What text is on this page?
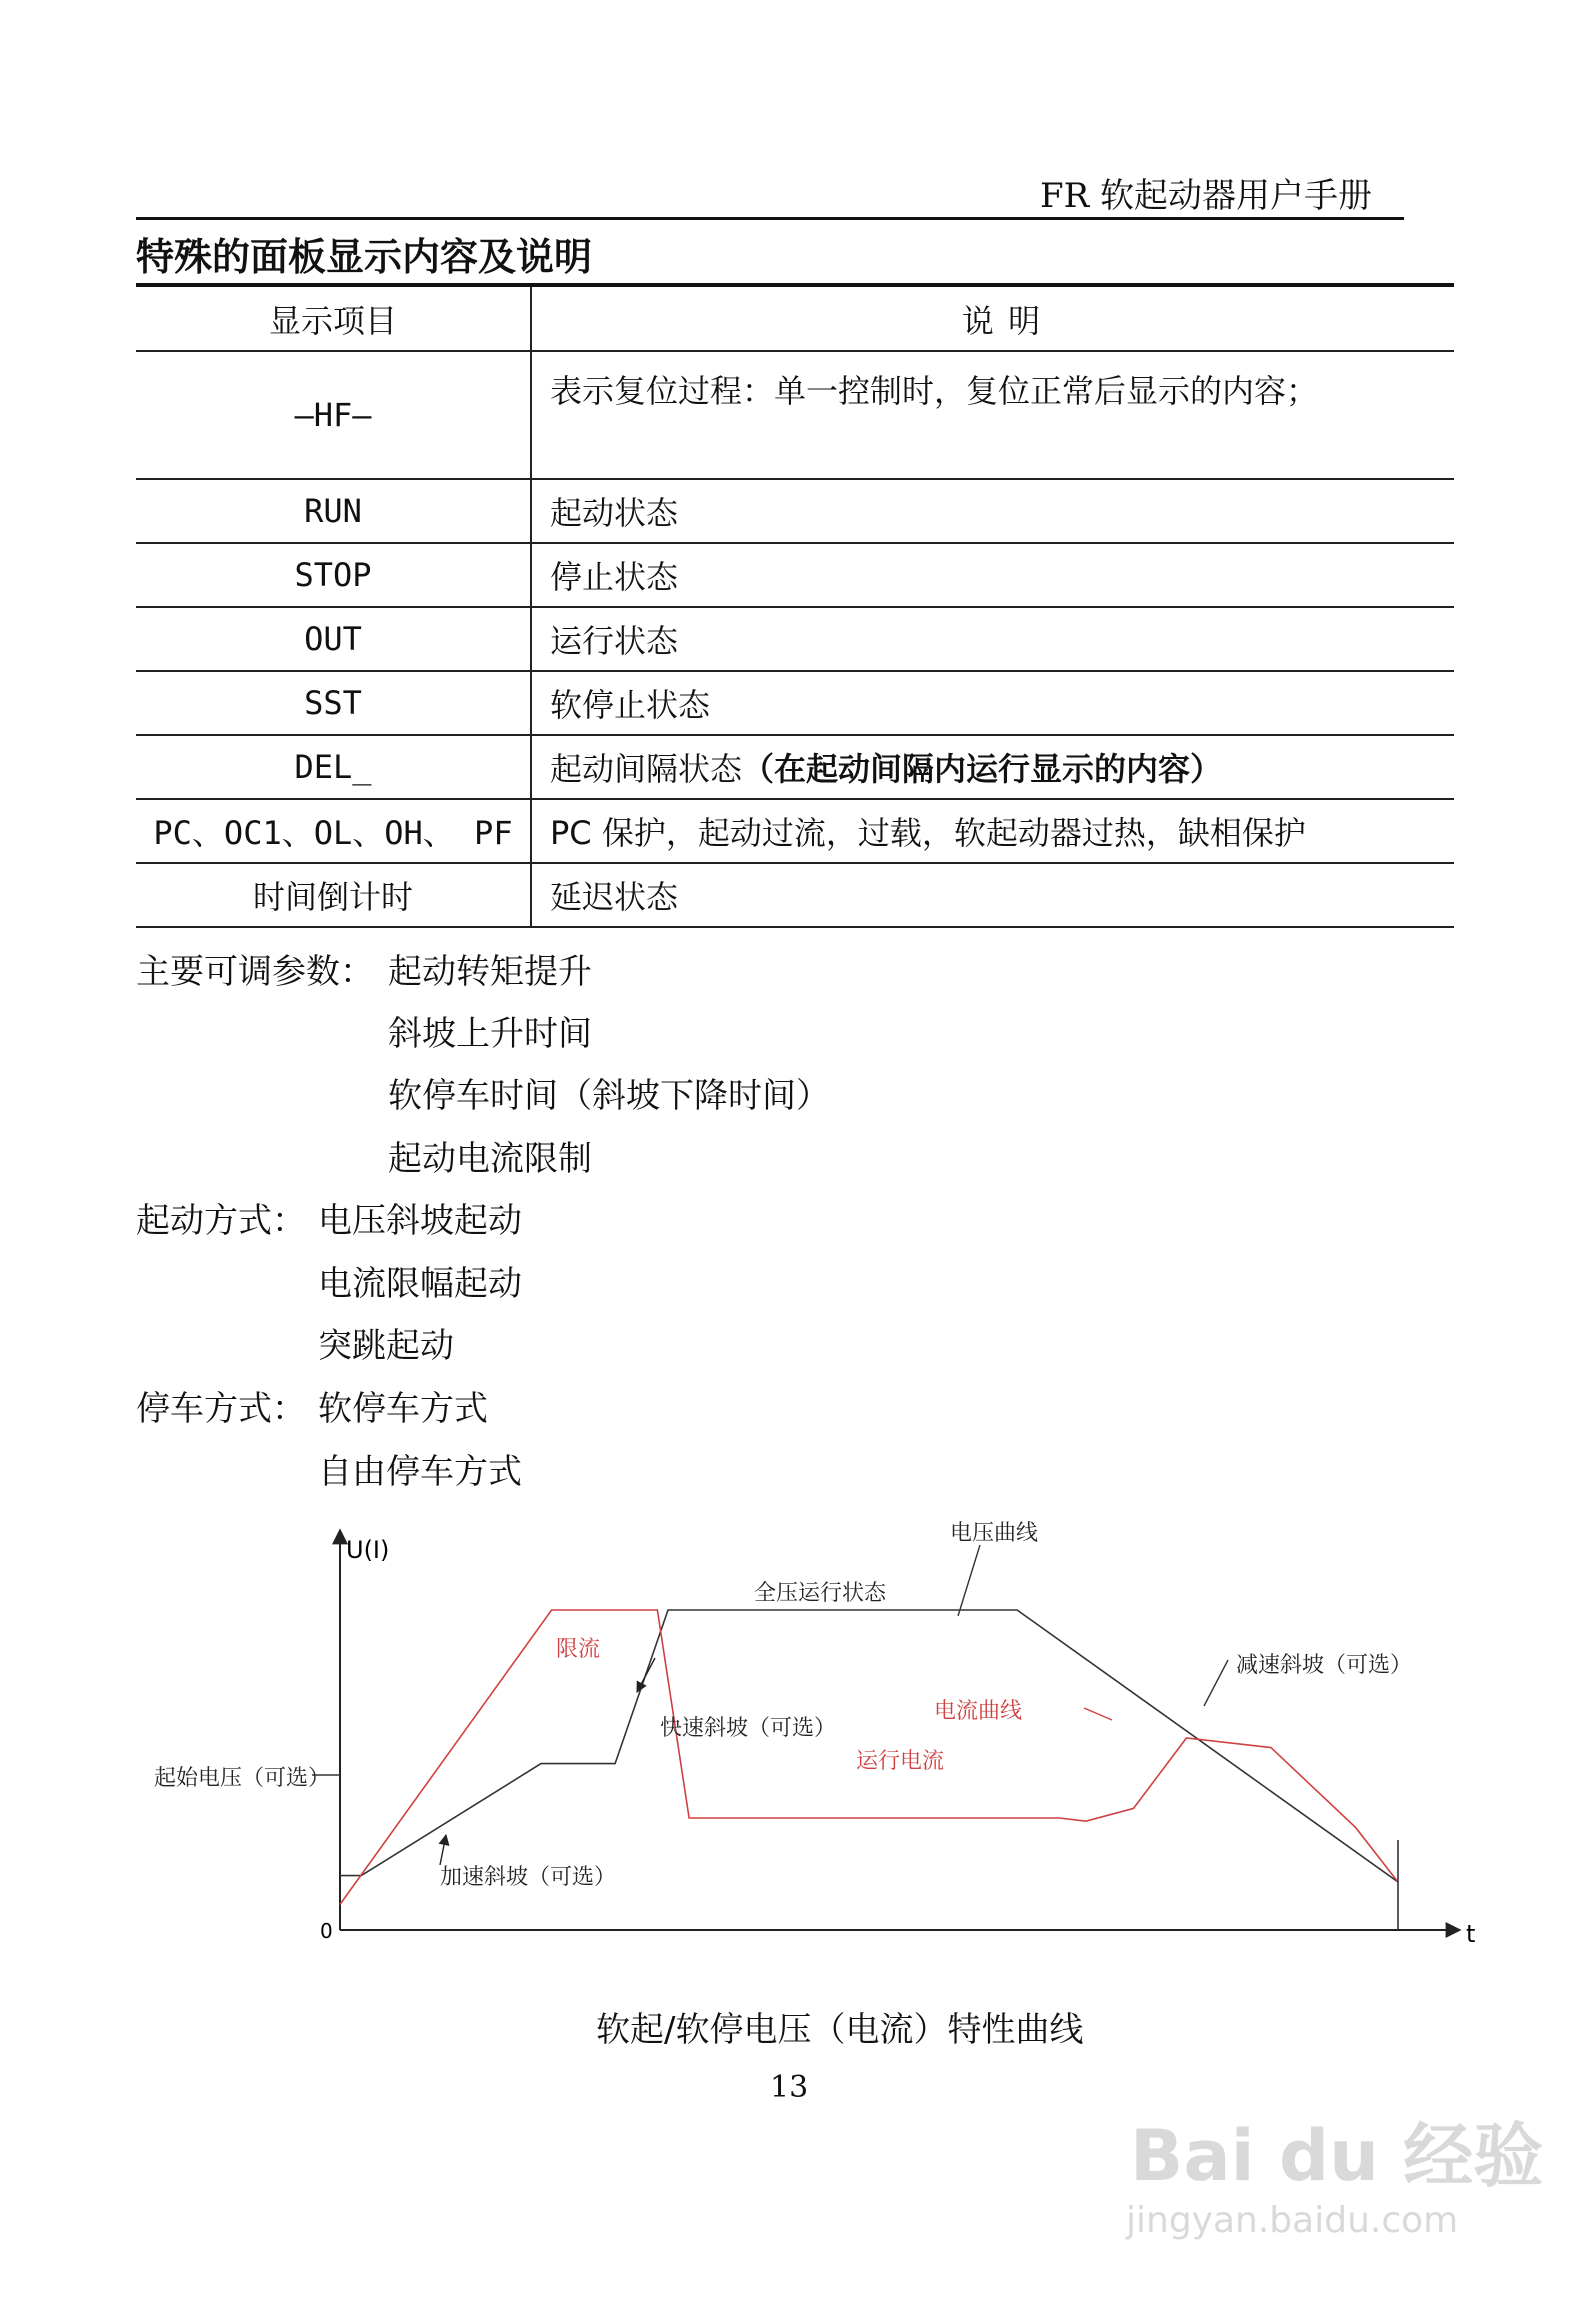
FR 软起动器用户手册
特殊的面板显示内容及说明
显示项目	说 明
—HF—	表示复位过程：单一控制时，复位正常后显示的内容；
RUN	起动状态
STOP	停止状态
OUT	运行状态
SST	软停止状态
DEL_	起动间隔状态（在起动间隔内运行显示的内容）
PC、OC1、OL、OH、 PF	PC 保护，起动过流，过载，软起动器过热，缺相保护
时间倒计时	延迟状态
主要可调参数： 起动转矩提升
斜坡上升时间
软停车时间（斜坡下降时间）
起动电流限制
起动方式： 电压斜坡起动
电流限幅起动
突跳起动
停车方式： 软停车方式
自由停车方式
U(I)
t
0
电压曲线
全压运行状态
限流
快速斜坡（可选）
电流曲线
运行电流
减速斜坡（可选）
起始电压（可选）
加速斜坡（可选）
软起/软停电压（电流）特性曲线
13
Bai du 经验
jingyan.baidu.com
